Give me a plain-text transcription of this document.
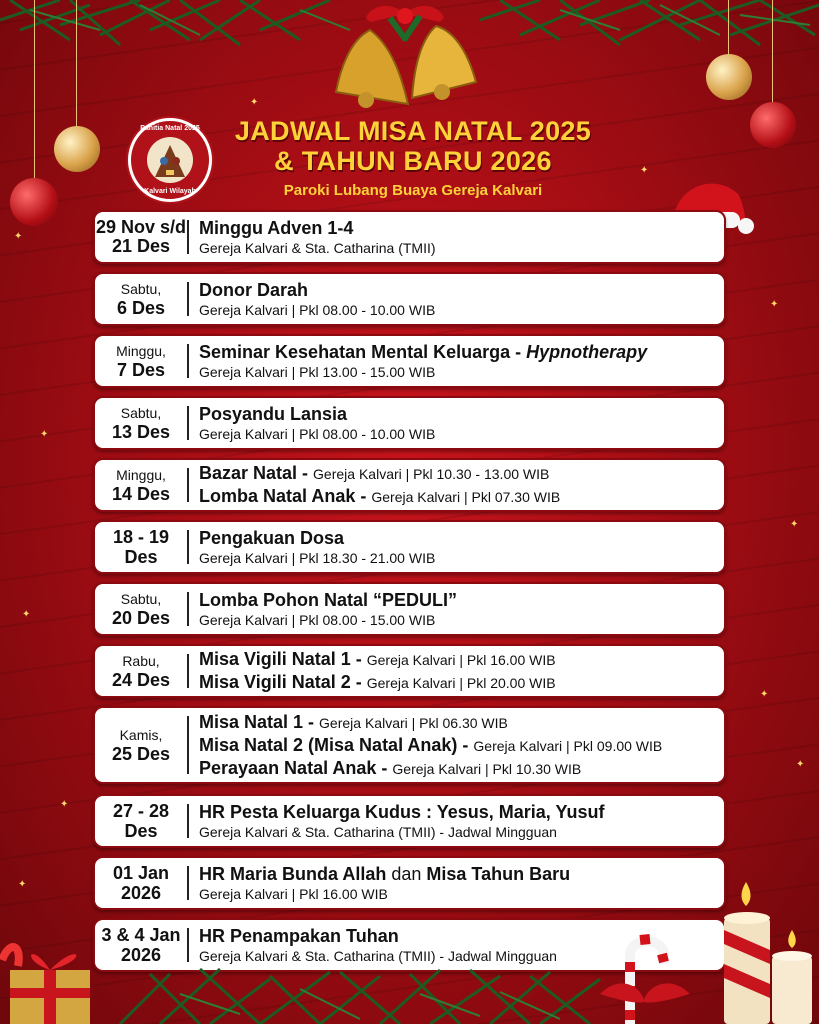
✦
✦
✦
✦
✦
✦
✦
✦
✦
✦
✦
Panitia Natal 2025
Kalvari Wilayah
JADWAL MISA NATAL 2025
& TAHUN BARU 2026
Paroki Lubang Buaya Gereja Kalvari
29 Nov s/d
21 Des
Minggu Adven 1-4
Gereja Kalvari & Sta. Catharina (TMII)
Sabtu,
6 Des
Donor Darah
Gereja Kalvari | Pkl 08.00 - 10.00 WIB
Minggu,
7 Des
Seminar Kesehatan Mental Keluarga - Hypnotherapy
Gereja Kalvari | Pkl 13.00 - 15.00 WIB
Sabtu,
13 Des
Posyandu Lansia
Gereja Kalvari | Pkl 08.00 - 10.00 WIB
Minggu,
14 Des
Bazar Natal - Gereja Kalvari | Pkl 10.30 - 13.00 WIB
Lomba Natal Anak - Gereja Kalvari | Pkl 07.30 WIB
18 - 19
Des
Pengakuan Dosa
Gereja Kalvari | Pkl 18.30 - 21.00 WIB
Sabtu,
20 Des
Lomba Pohon Natal “PEDULI”
Gereja Kalvari | Pkl 08.00 - 15.00 WIB
Rabu,
24 Des
Misa Vigili Natal 1 - Gereja Kalvari | Pkl 16.00 WIB
Misa Vigili Natal 2 - Gereja Kalvari | Pkl 20.00 WIB
Kamis,
25 Des
Misa Natal 1 - Gereja Kalvari | Pkl 06.30 WIB
Misa Natal 2 (Misa Natal Anak) - Gereja Kalvari | Pkl 09.00 WIB
Perayaan Natal Anak - Gereja Kalvari | Pkl 10.30 WIB
27 - 28
Des
HR Pesta Keluarga Kudus : Yesus, Maria, Yusuf
Gereja Kalvari & Sta. Catharina (TMII) - Jadwal Mingguan
01 Jan
2026
HR Maria Bunda Allah dan Misa Tahun Baru
Gereja Kalvari | Pkl 16.00 WIB
3 & 4 Jan
2026
HR Penampakan Tuhan
Gereja Kalvari & Sta. Catharina (TMII) - Jadwal Mingguan
